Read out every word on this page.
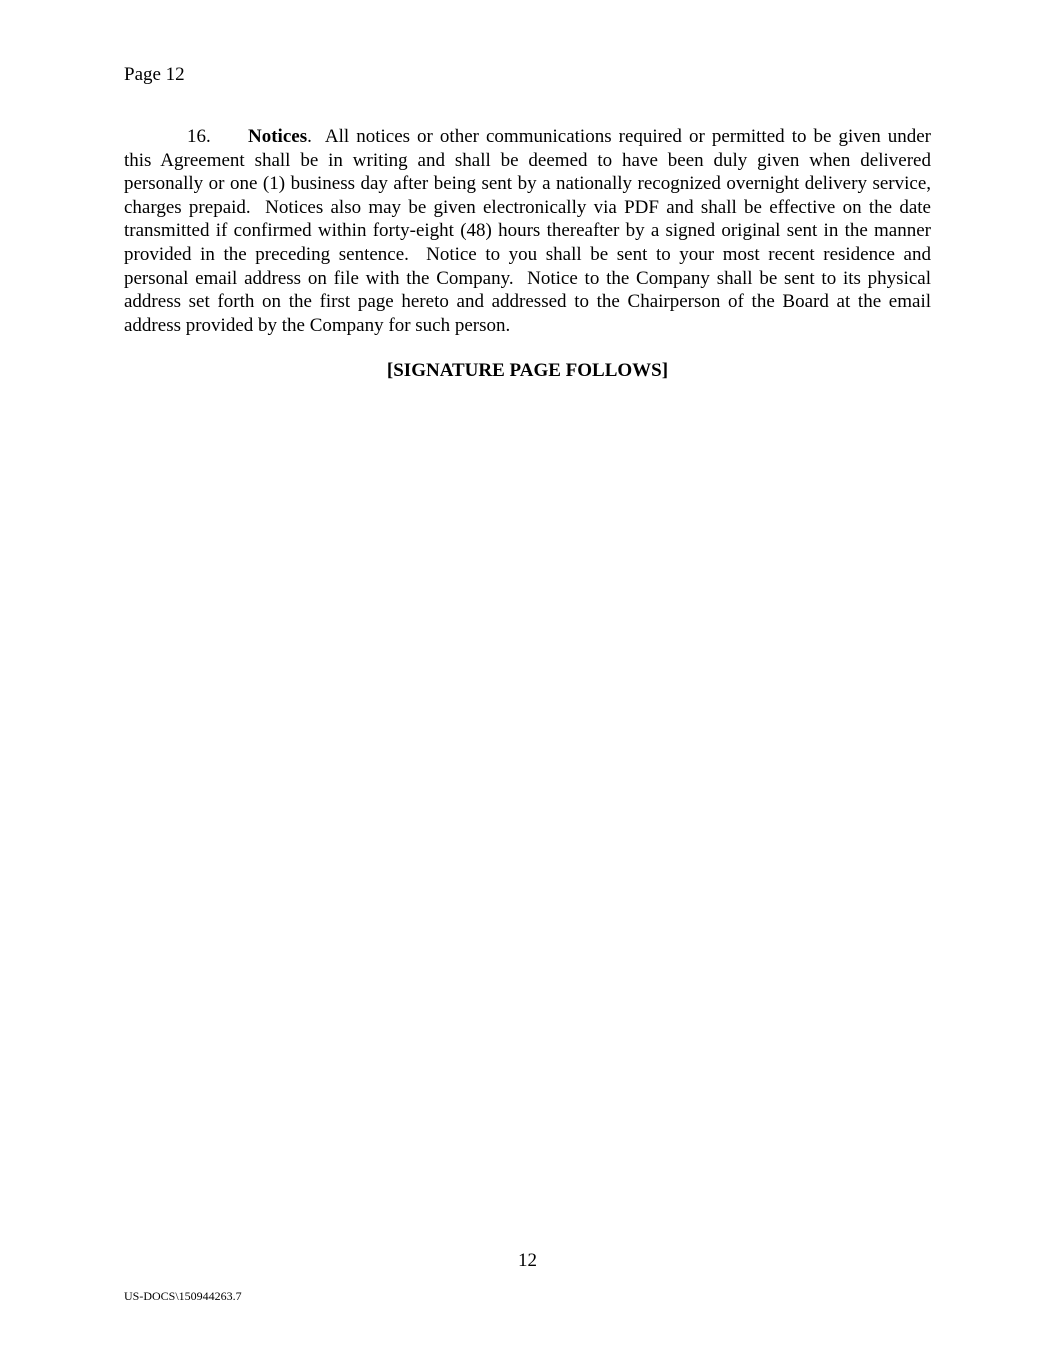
Page 12

16. Notices.  All notices or other communications required or permitted to be given under this Agreement shall be in writing and shall be deemed to have been duly given when delivered personally or one (1) business day after being sent by a nationally recognized overnight delivery service, charges prepaid.  Notices also may be given electronically via PDF and shall be effective on the date transmitted if confirmed within forty-eight (48) hours thereafter by a signed original sent in the manner provided in the preceding sentence.  Notice to you shall be sent to your most recent residence and personal email address on file with the Company.  Notice to the Company shall be sent to its physical address set forth on the first page hereto and addressed to the Chairperson of the Board at the email address provided by the Company for such person.

[SIGNATURE PAGE FOLLOWS]
12
US-DOCS\150944263.7
